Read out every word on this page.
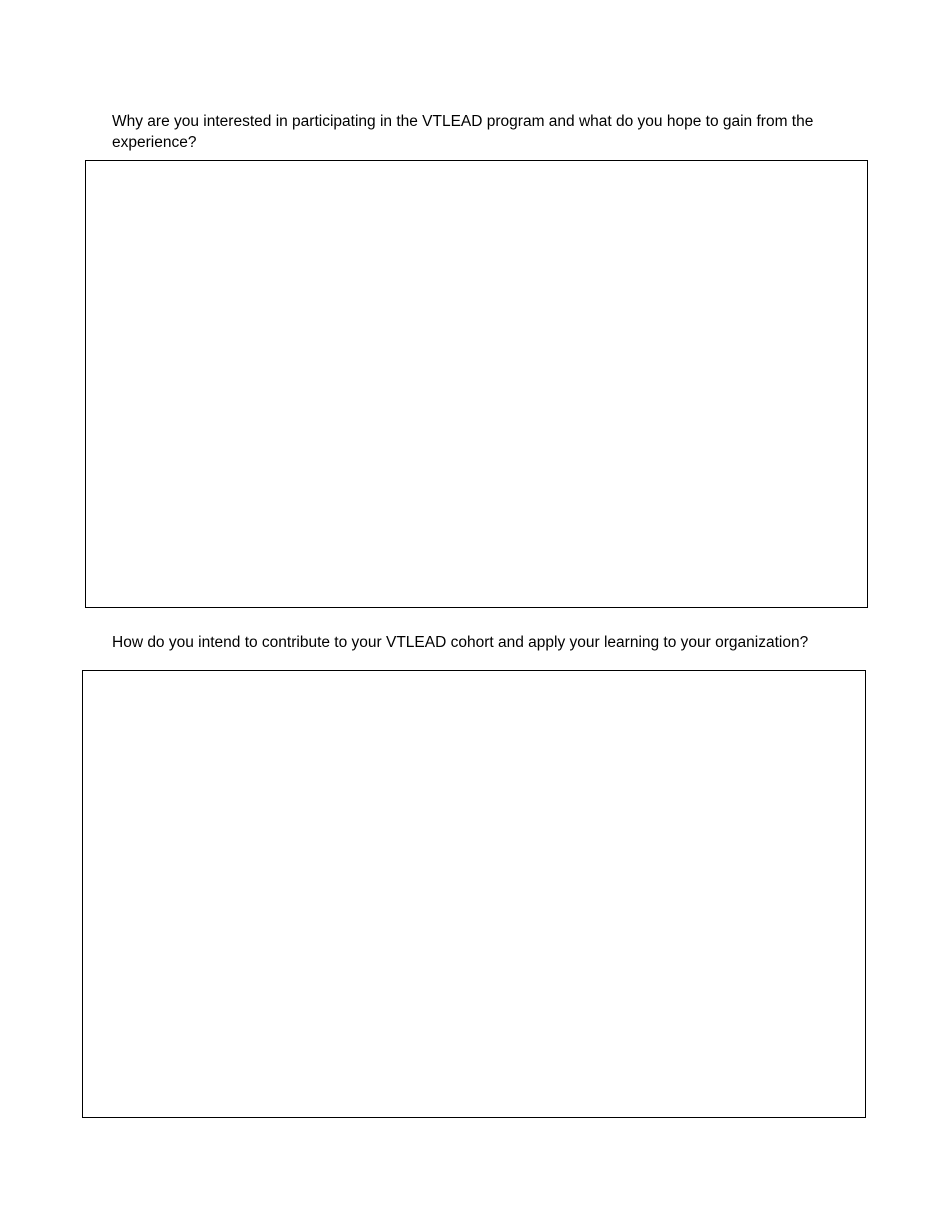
Why are you interested in participating in the VTLEAD program and what do you hope to gain from the experience?

How do you intend to contribute to your VTLEAD cohort and apply your learning to your organization?
